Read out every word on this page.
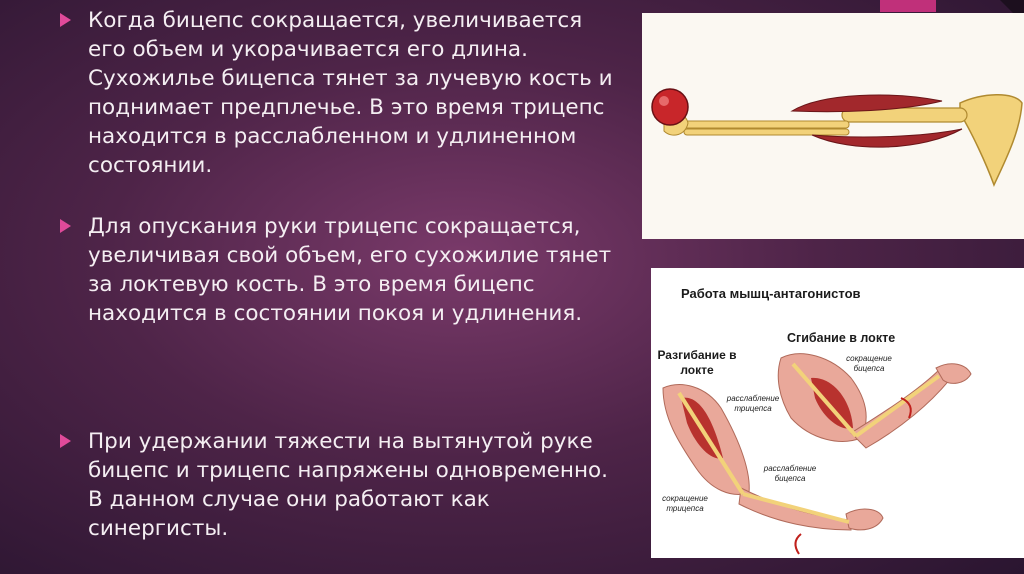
Когда бицепс сокращается, увеличивается его объем и укорачивается его длина. Сухожилье бицепса тянет за лучевую кость и поднимает предплечье. В это время трицепс находится в расслабленном и удлиненном состоянии.

Для опускания руки трицепс сокращается, увеличивая свой объем, его сухожилие тянет за локтевую кость. В это время бицепс находится в состоянии покоя и удлинения.

При удержании тяжести на вытянутой руке бицепс и трицепс напряжены одновременно. В данном случае они работают как синергисты.

Работа мышц-антагонистов
Разгибание в локте
Сгибание в локте
сокращение бицепса
расслабление трицепса
расслабление бицепса
сокращение трицепса
